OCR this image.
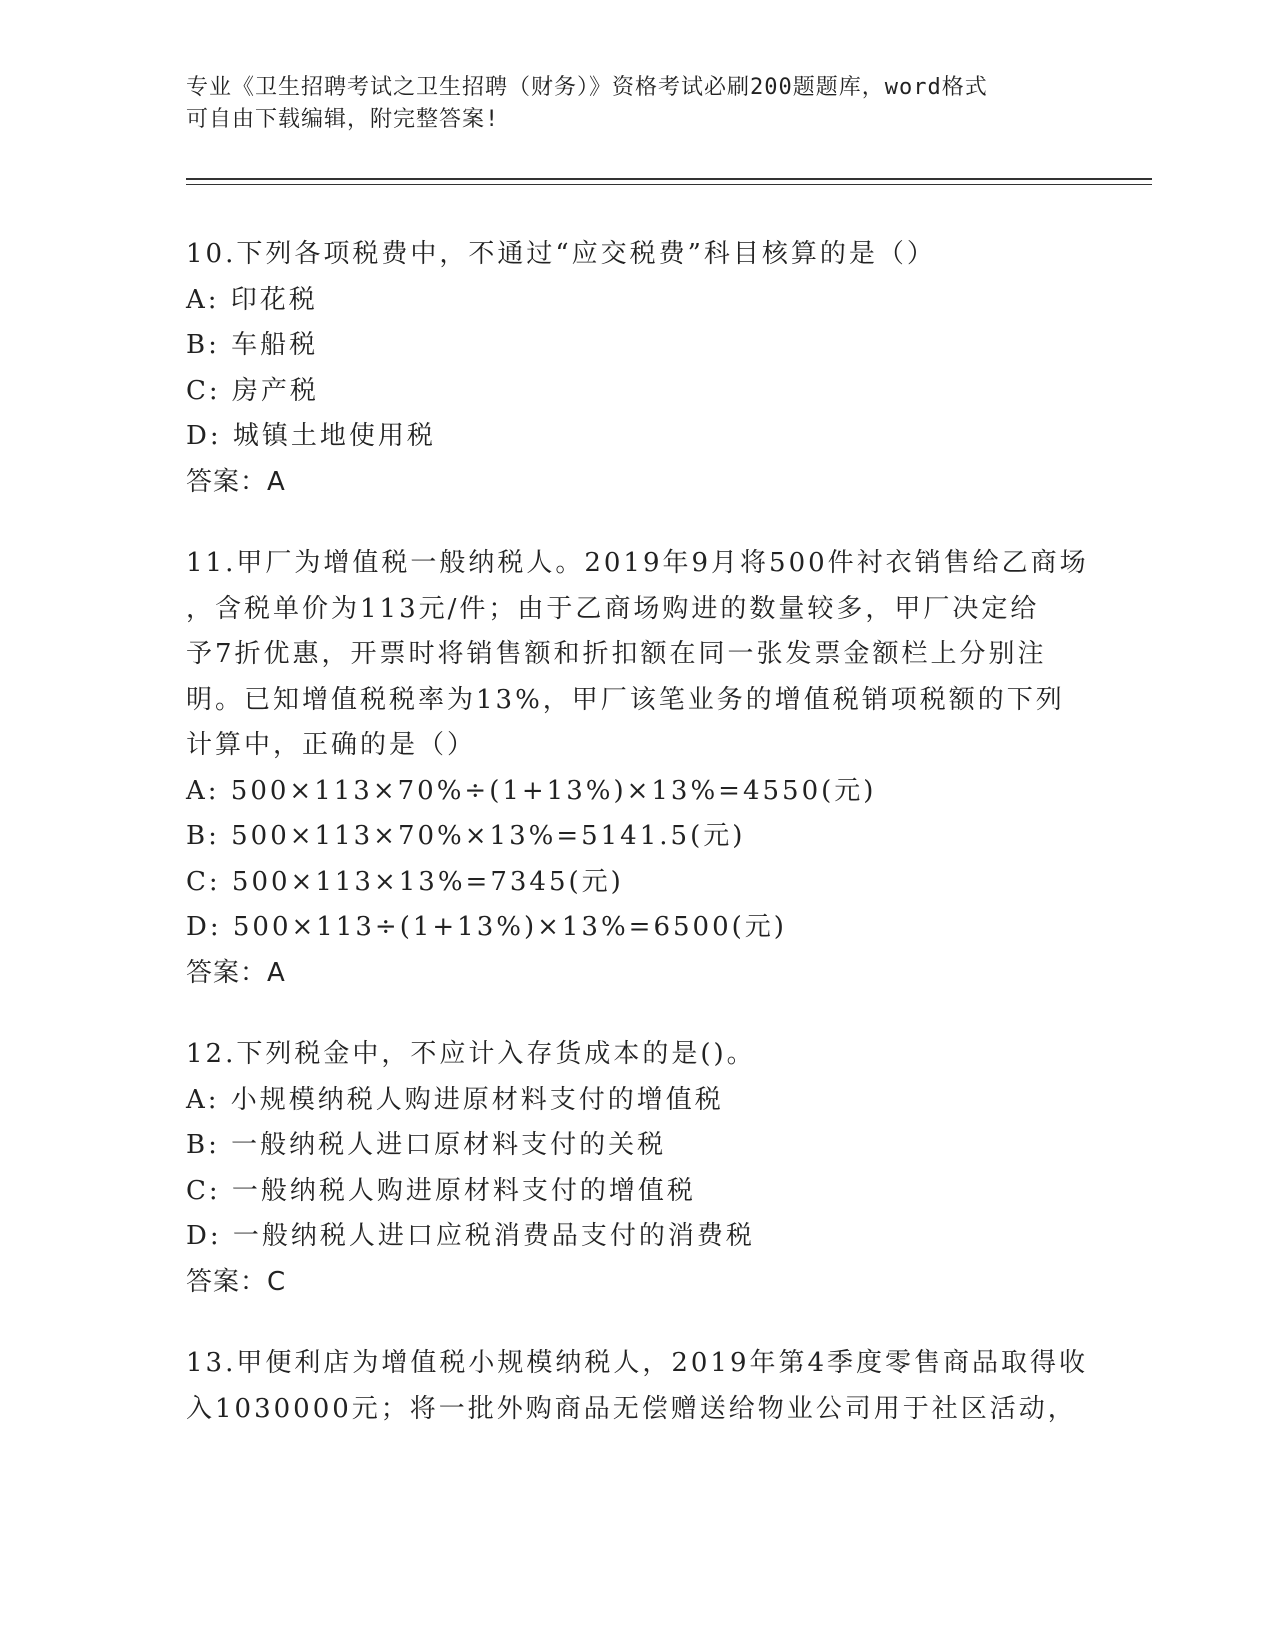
专业《卫生招聘考试之卫生招聘（财务）》资格考试必刷200题题库，word格式
可自由下载编辑，附完整答案!
10.下列各项税费中，不通过“应交税费”科目核算的是（）
A: 印花税
B: 车船税
C: 房产税
D: 城镇土地使用税
答案：A
11.甲厂为增值税一般纳税人。2019年9月将500件衬衣销售给乙商场
，含税单价为113元/件；由于乙商场购进的数量较多，甲厂决定给
予7折优惠，开票时将销售额和折扣额在同一张发票金额栏上分别注
明。已知增值税税率为13%，甲厂该笔业务的增值税销项税额的下列
计算中，正确的是（）
A: 500×113×70%÷(1+13%)×13%=4550(元)
B: 500×113×70%×13%=5141.5(元)
C: 500×113×13%=7345(元)
D: 500×113÷(1+13%)×13%=6500(元)
答案：A
12.下列税金中，不应计入存货成本的是()。
A: 小规模纳税人购进原材料支付的增值税
B: 一般纳税人进口原材料支付的关税
C: 一般纳税人购进原材料支付的增值税
D: 一般纳税人进口应税消费品支付的消费税
答案：C
13.甲便利店为增值税小规模纳税人，2019年第4季度零售商品取得收
入1030000元；将一批外购商品无偿赠送给物业公司用于社区活动，
